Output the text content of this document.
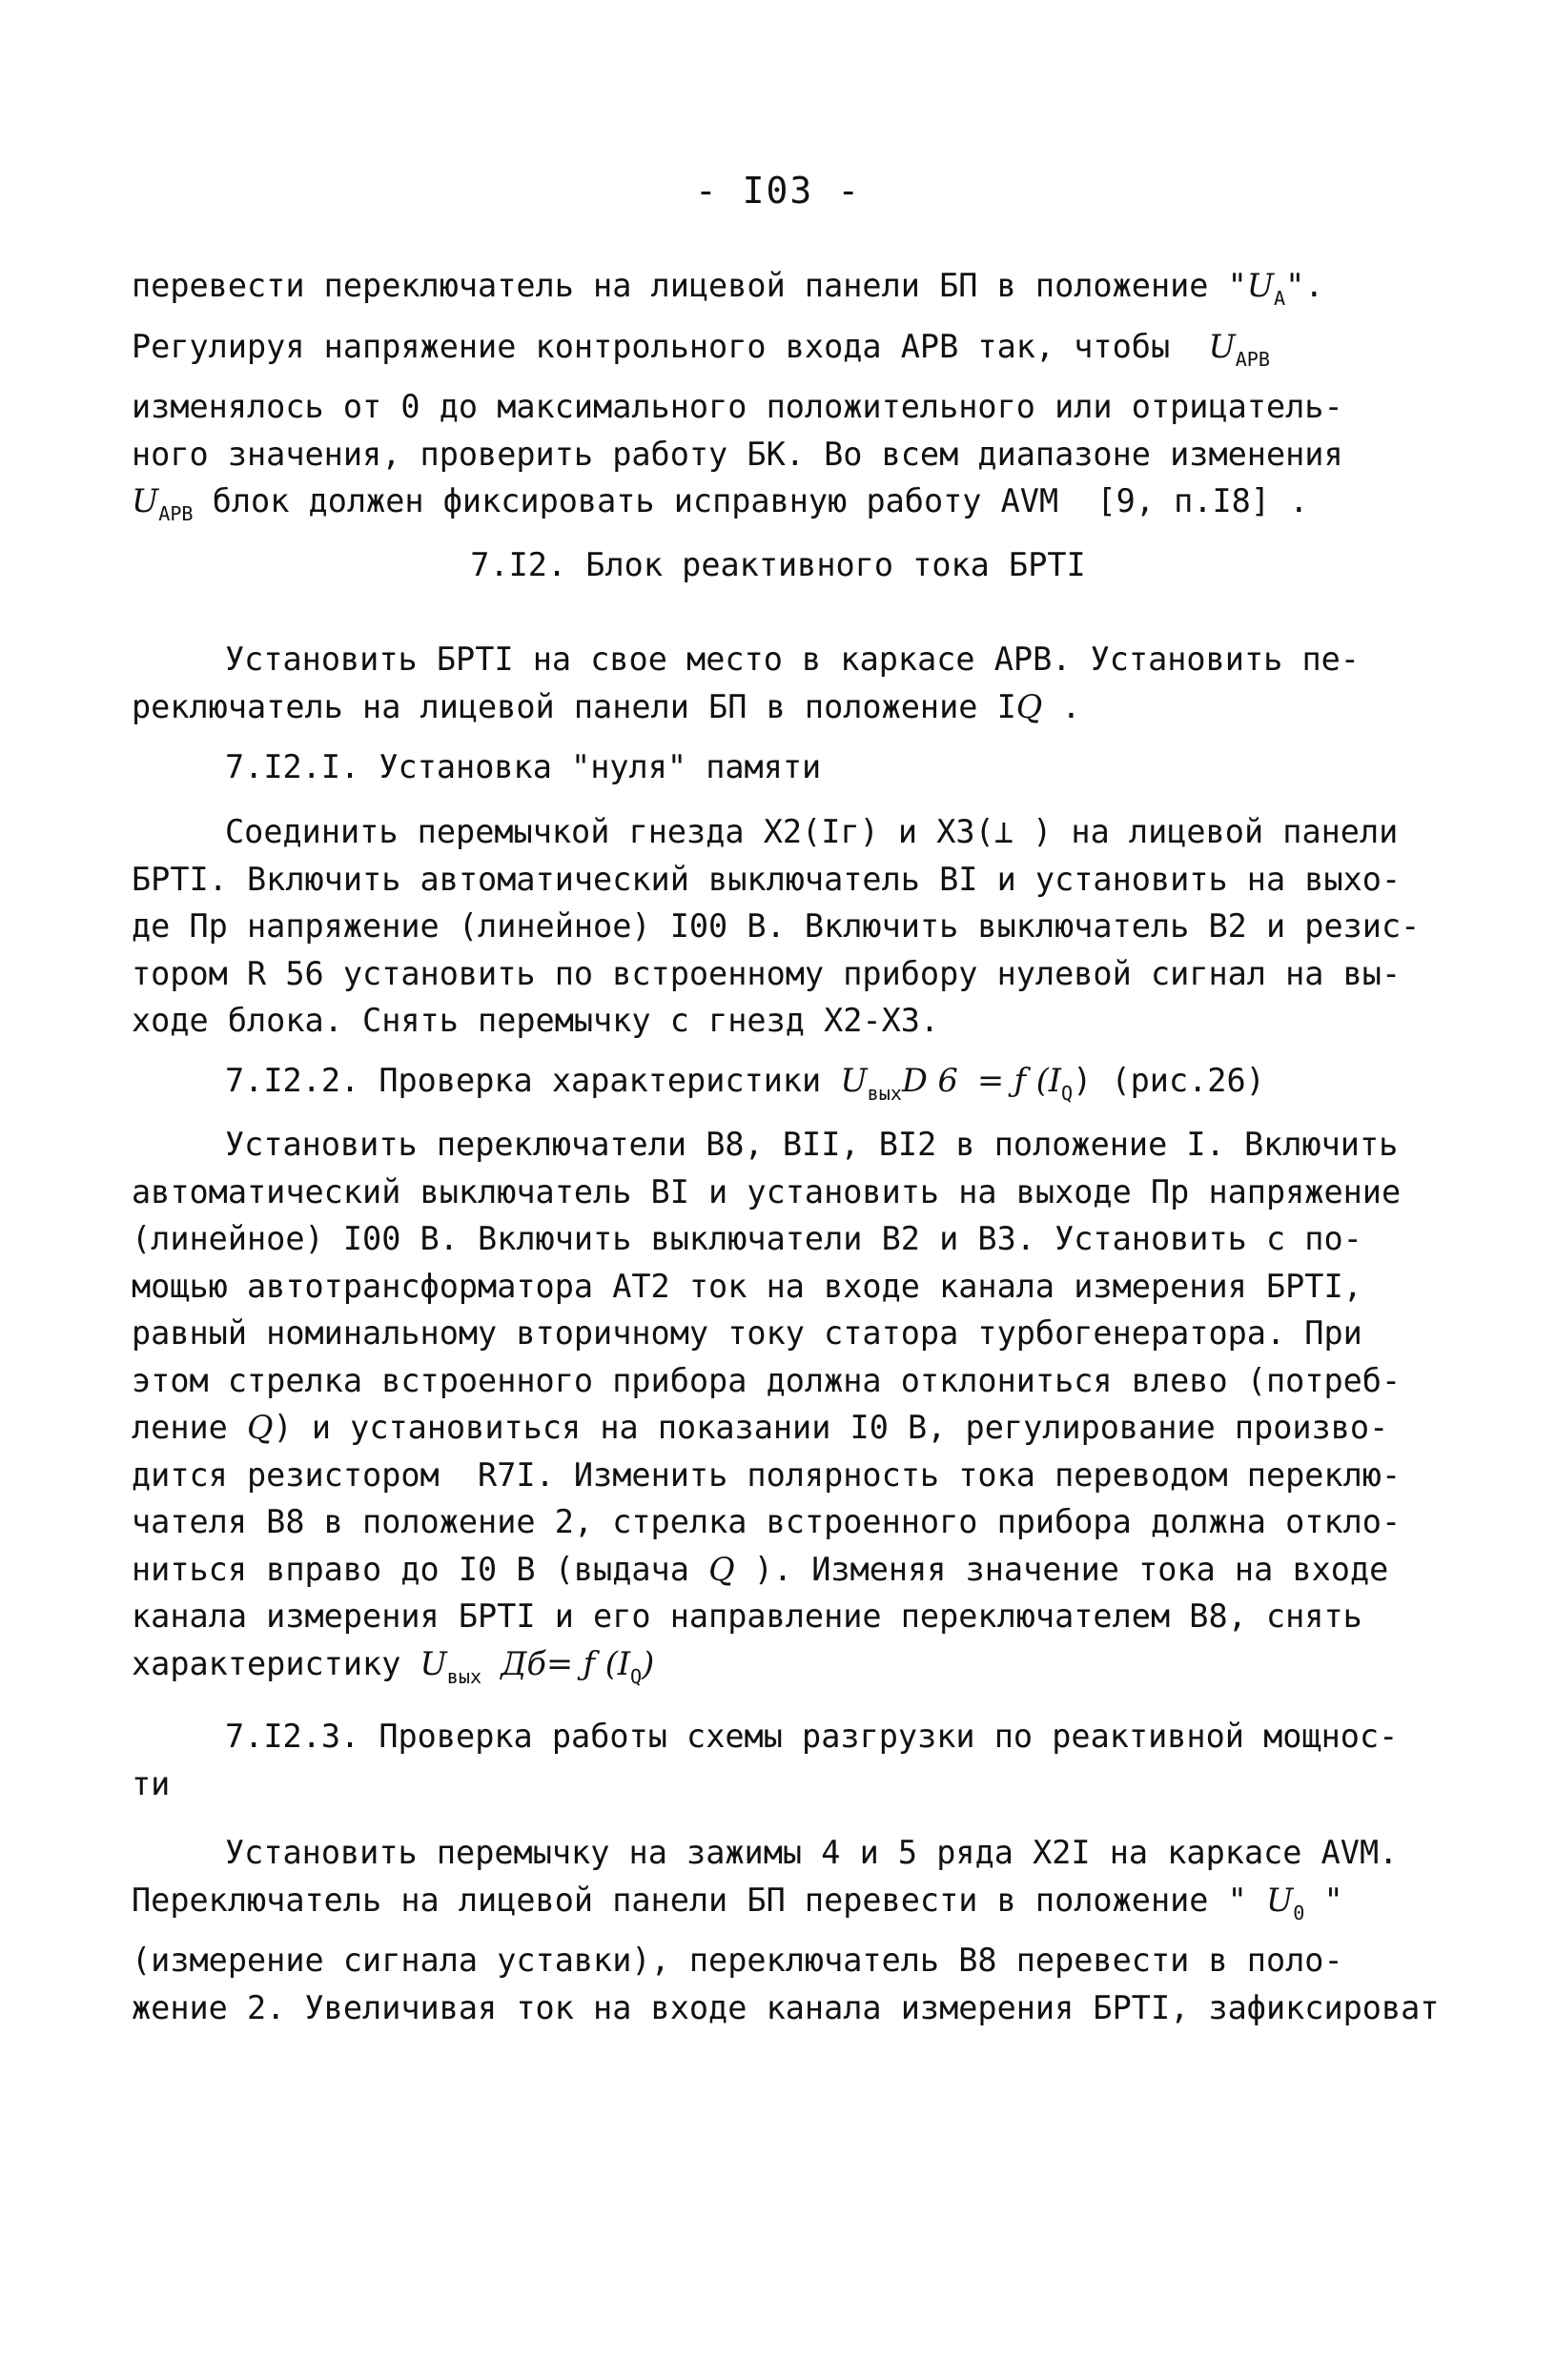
- I03 -
перевести переключатель на лицевой панели БП в положение "$U_А$".
Регулируя напряжение контрольного входа АРВ так, чтобы $U_{АРВ}$
изменялось от 0 до максимального положительного или отрицатель-
ного значения, проверить работу БК. Во всем диапазоне изменения
$U_{АРВ}$ блок должен фиксировать исправную работу AVM [9, п.I8] .
7.I2. Блок реактивного тока БРТI
Установить БРТI на свое место в каркасе АРВ. Установить пе-
реключатель на лицевой панели БП в положение IQ .
7.I2.I. Установка "нуля" памяти
Соединить перемычкой гнезда X2(Iг) и X3(⊥ ) на лицевой панели
БРТI. Включить автоматический выключатель BI и установить на выхо-
де Пр напряжение (линейное) I00 В. Включить выключатель В2 и резис-
тором R 56 установить по встроенному прибору нулевой сигнал на вы-
ходе блока. Снять перемычку с гнезд X2-X3.
7.I2.2. Проверка характеристики $U_{вых}D$ 6 = ƒ $(I_Q)$ (рис.26)
Установить переключатели В8, BII, BI2 в положение I. Включить
автоматический выключатель BI и установить на выходе Пр напряжение
(линейное) I00 В. Включить выключатели В2 и В3. Установить с по-
мощью автотрансформатора АТ2 ток на входе канала измерения БРТI,
равный номинальному вторичному току статора турбогенератора. При
этом стрелка встроенного прибора должна отклониться влево (потреб-
ление Q) и установиться на показании I0 В, регулирование произво-
дится резистором R7I. Изменить полярность тока переводом переклю-
чателя В8 в положение 2, стрелка встроенного прибора должна откло-
ниться вправо до I0 В (выдача Q ). Изменяя значение тока на входе
канала измерения БРТI и его направление переключателем В8, снять
характеристику $U_{вых}$ Дб= ƒ $(I_Q)$
7.I2.3. Проверка работы схемы разгрузки по реактивной мощнос-
ти
Установить перемычку на зажимы 4 и 5 ряда X2I на каркасе AVM.
Переключатель на лицевой панели БП перевести в положение " $U_0$ "
(измерение сигнала уставки), переключатель В8 перевести в поло-
жение 2. Увеличивая ток на входе канала измерения БРТI, зафиксироват
